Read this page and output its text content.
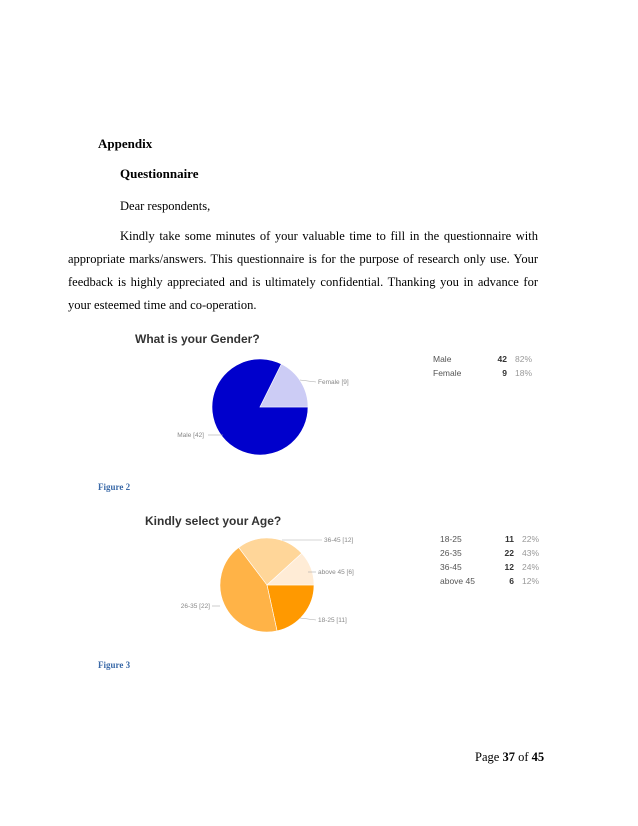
Appendix
Questionnaire
Dear respondents,
Kindly take some minutes of your valuable time to fill in the questionnaire with appropriate marks/answers. This questionnaire is for the purpose of research only use. Your feedback is highly appreciated and is ultimately confidential. Thanking you in advance for your esteemed time and co-operation.
What is your Gender?
Female [9]
Male [42]
Male	42	82%
Female	9	18%
Figure 2
Kindly select your Age?
36-45 [12]
above 45 [6]
18-25 [11]
26-35 [22]
18-25	11	22%
26-35	22	43%
36-45	12	24%
above 45	6	12%
Figure 3
Page 37 of 45
